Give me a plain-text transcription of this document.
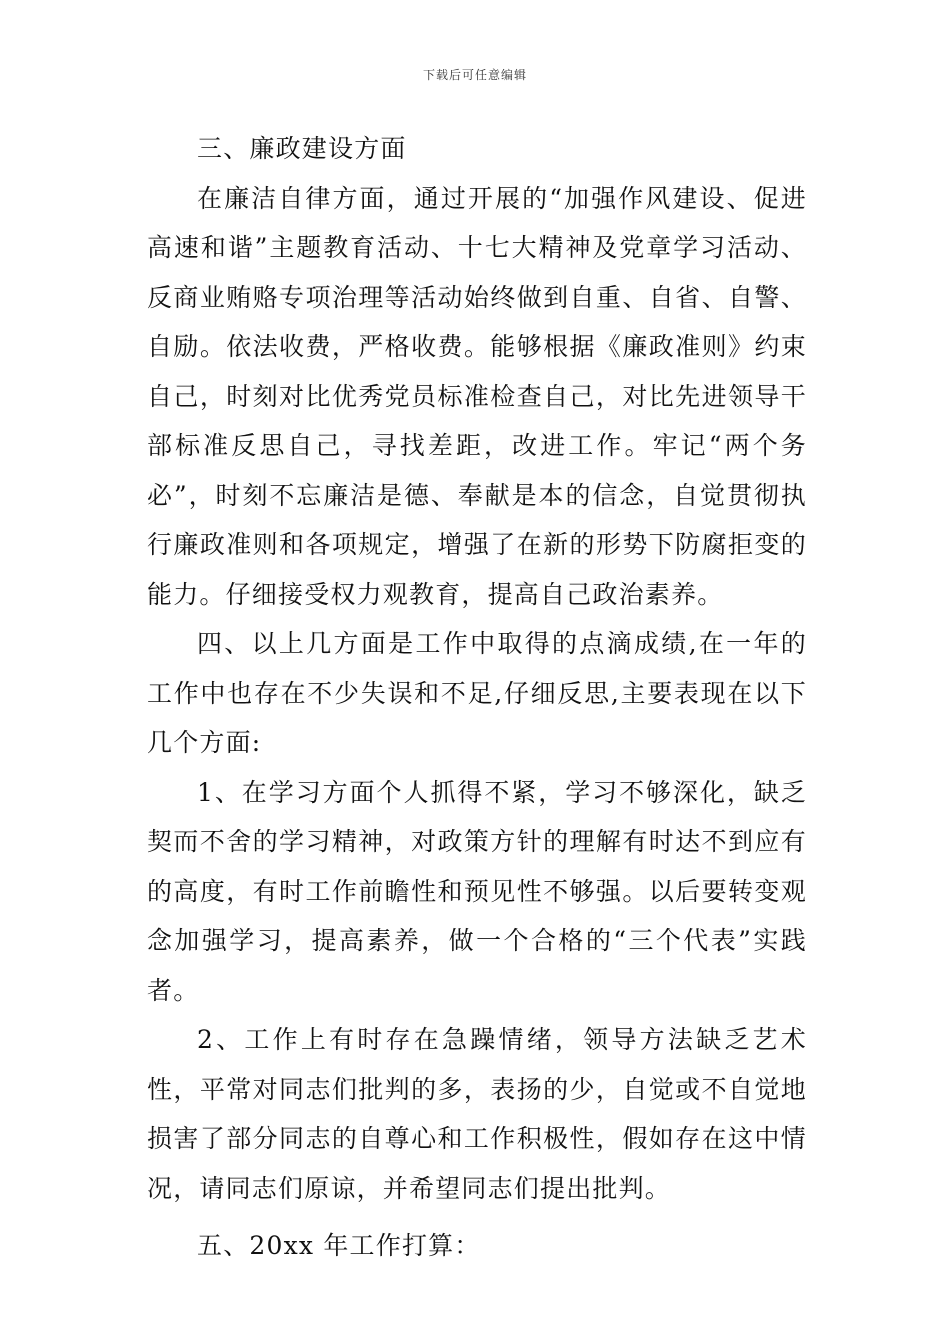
下载后可任意编辑

三、廉政建设方面

在廉洁自律方面，通过开展的“加强作风建设、促进高速和谐”主题教育活动、十七大精神及党章学习活动、反商业贿赂专项治理等活动始终做到自重、自省、自警、自励。依法收费，严格收费。能够根据《廉政准则》约束自己，时刻对比优秀党员标准检查自己，对比先进领导干部标准反思自己，寻找差距，改进工作。牢记“两个务必”，时刻不忘廉洁是德、奉献是本的信念，自觉贯彻执行廉政准则和各项规定，增强了在新的形势下防腐拒变的能力。仔细接受权力观教育，提高自己政治素养。

四、以上几方面是工作中取得的点滴成绩,在一年的工作中也存在不少失误和不足,仔细反思,主要表现在以下几个方面:

1、在学习方面个人抓得不紧，学习不够深化，缺乏契而不舍的学习精神，对政策方针的理解有时达不到应有的高度，有时工作前瞻性和预见性不够强。以后要转变观念加强学习，提高素养，做一个合格的“三个代表”实践者。

2、工作上有时存在急躁情绪，领导方法缺乏艺术性，平常对同志们批判的多，表扬的少，自觉或不自觉地损害了部分同志的自尊心和工作积极性，假如存在这中情况，请同志们原谅，并希望同志们提出批判。

五、20xx 年工作打算：
